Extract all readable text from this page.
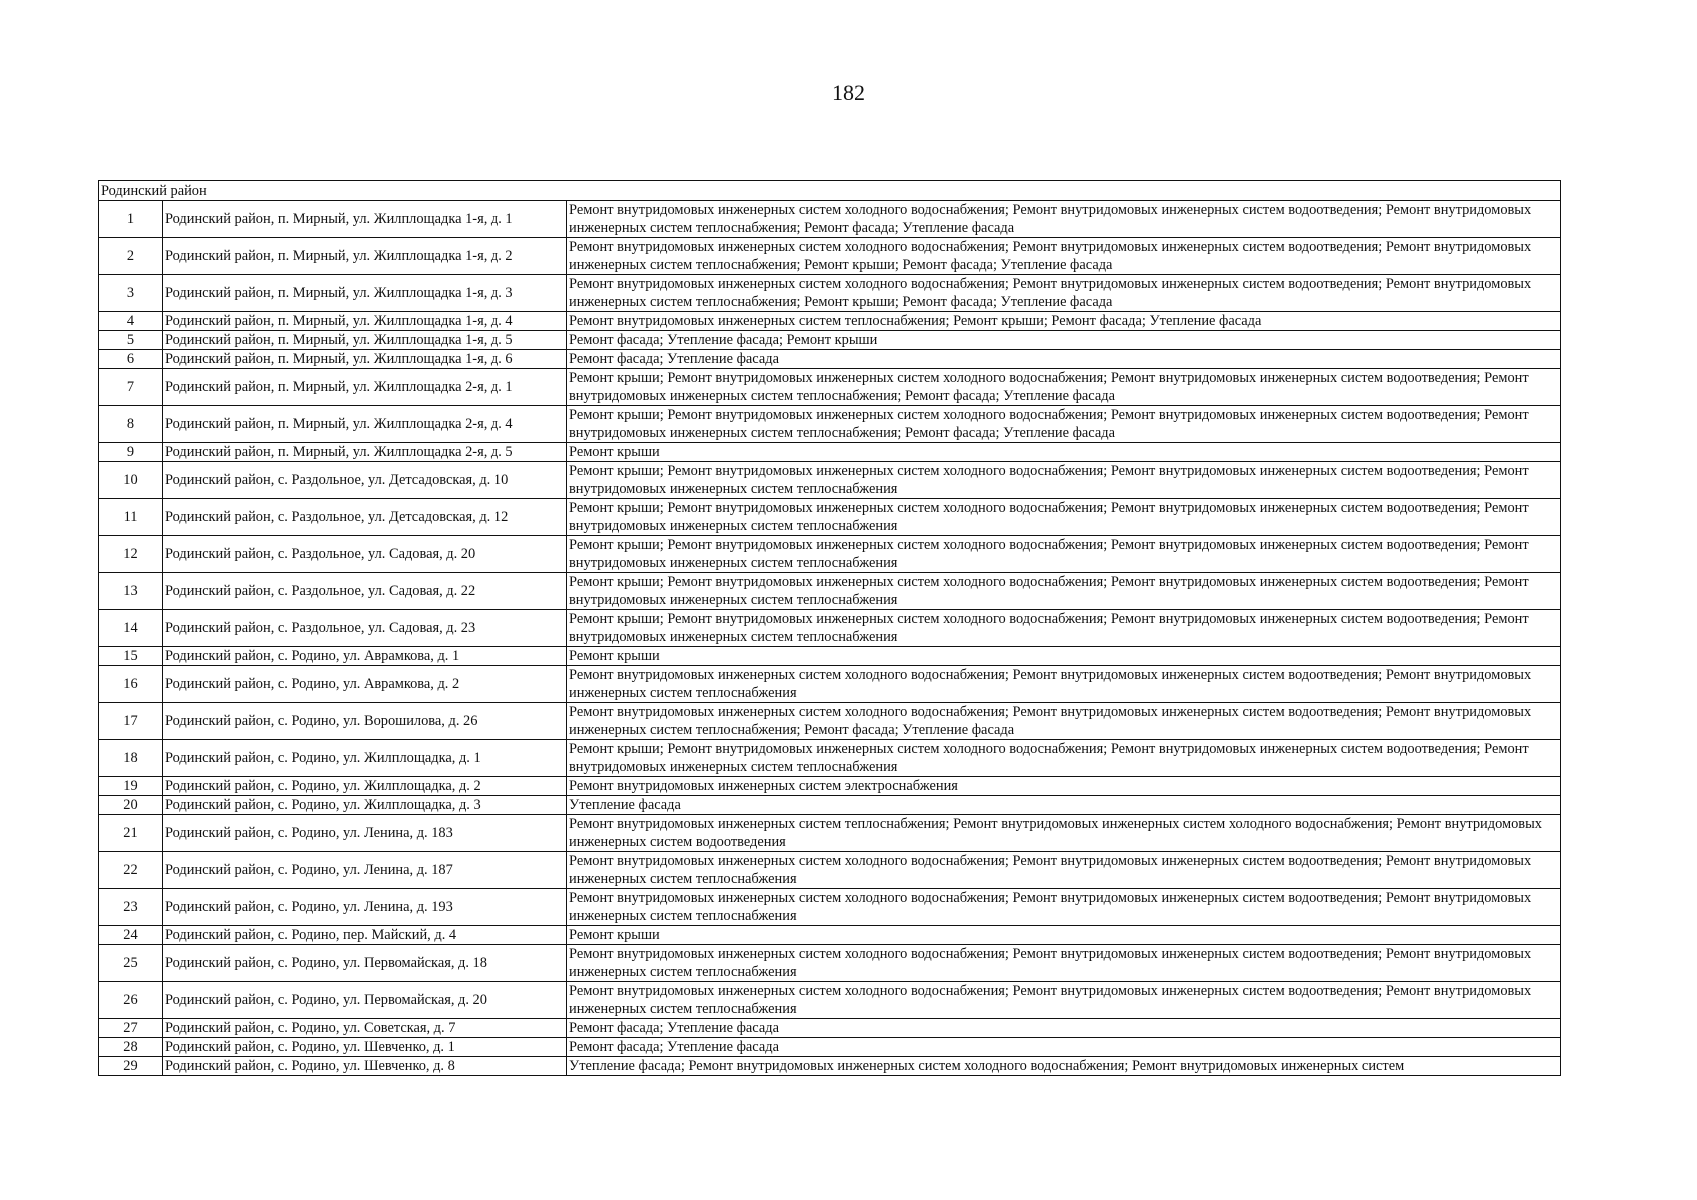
182
Родинский район		
1	Родинский район, п. Мирный, ул. Жилплощадка 1-я, д. 1	Ремонт внутридомовых инженерных систем холодного водоснабжения; Ремонт внутридомовых инженерных систем водоотведения; Ремонт внутридомовых инженерных систем теплоснабжения; Ремонт фасада; Утепление фасада
2	Родинский район, п. Мирный, ул. Жилплощадка 1-я, д. 2	Ремонт внутридомовых инженерных систем холодного водоснабжения; Ремонт внутридомовых инженерных систем водоотведения; Ремонт внутридомовых инженерных систем теплоснабжения; Ремонт крыши; Ремонт фасада; Утепление фасада
3	Родинский район, п. Мирный, ул. Жилплощадка 1-я, д. 3	Ремонт внутридомовых инженерных систем холодного водоснабжения; Ремонт внутридомовых инженерных систем водоотведения; Ремонт внутридомовых инженерных систем теплоснабжения; Ремонт крыши; Ремонт фасада; Утепление фасада
4	Родинский район, п. Мирный, ул. Жилплощадка 1-я, д. 4	Ремонт внутридомовых инженерных систем теплоснабжения; Ремонт крыши; Ремонт фасада; Утепление фасада
5	Родинский район, п. Мирный, ул. Жилплощадка 1-я, д. 5	Ремонт фасада; Утепление фасада; Ремонт крыши
6	Родинский район, п. Мирный, ул. Жилплощадка 1-я, д. 6	Ремонт фасада; Утепление фасада
7	Родинский район, п. Мирный, ул. Жилплощадка 2-я, д. 1	Ремонт крыши; Ремонт внутридомовых инженерных систем холодного водоснабжения; Ремонт внутридомовых инженерных систем водоотведения; Ремонт внутридомовых инженерных систем теплоснабжения; Ремонт фасада; Утепление фасада
8	Родинский район, п. Мирный, ул. Жилплощадка 2-я, д. 4	Ремонт крыши; Ремонт внутридомовых инженерных систем холодного водоснабжения; Ремонт внутридомовых инженерных систем водоотведения; Ремонт внутридомовых инженерных систем теплоснабжения; Ремонт фасада; Утепление фасада
9	Родинский район, п. Мирный, ул. Жилплощадка 2-я, д. 5	Ремонт крыши
10	Родинский район, с. Раздольное, ул. Детсадовская, д. 10	Ремонт крыши; Ремонт внутридомовых инженерных систем холодного водоснабжения; Ремонт внутридомовых инженерных систем водоотведения; Ремонт внутридомовых инженерных систем теплоснабжения
11	Родинский район, с. Раздольное, ул. Детсадовская, д. 12	Ремонт крыши; Ремонт внутридомовых инженерных систем холодного водоснабжения; Ремонт внутридомовых инженерных систем водоотведения; Ремонт внутридомовых инженерных систем теплоснабжения
12	Родинский район, с. Раздольное, ул. Садовая, д. 20	Ремонт крыши; Ремонт внутридомовых инженерных систем холодного водоснабжения; Ремонт внутридомовых инженерных систем водоотведения; Ремонт внутридомовых инженерных систем теплоснабжения
13	Родинский район, с. Раздольное, ул. Садовая, д. 22	Ремонт крыши; Ремонт внутридомовых инженерных систем холодного водоснабжения; Ремонт внутридомовых инженерных систем водоотведения; Ремонт внутридомовых инженерных систем теплоснабжения
14	Родинский район, с. Раздольное, ул. Садовая, д. 23	Ремонт крыши; Ремонт внутридомовых инженерных систем холодного водоснабжения; Ремонт внутридомовых инженерных систем водоотведения; Ремонт внутридомовых инженерных систем теплоснабжения
15	Родинский район, с. Родино, ул. Аврамкова, д. 1	Ремонт крыши
16	Родинский район, с. Родино, ул. Аврамкова, д. 2	Ремонт внутридомовых инженерных систем холодного водоснабжения; Ремонт внутридомовых инженерных систем водоотведения; Ремонт внутридомовых инженерных систем теплоснабжения
17	Родинский район, с. Родино, ул. Ворошилова, д. 26	Ремонт внутридомовых инженерных систем холодного водоснабжения; Ремонт внутридомовых инженерных систем водоотведения; Ремонт внутридомовых инженерных систем теплоснабжения; Ремонт фасада; Утепление фасада
18	Родинский район, с. Родино, ул. Жилплощадка, д. 1	Ремонт крыши; Ремонт внутридомовых инженерных систем холодного водоснабжения; Ремонт внутридомовых инженерных систем водоотведения; Ремонт внутридомовых инженерных систем теплоснабжения
19	Родинский район, с. Родино, ул. Жилплощадка, д. 2	Ремонт внутридомовых инженерных систем электроснабжения
20	Родинский район, с. Родино, ул. Жилплощадка, д. 3	Утепление фасада
21	Родинский район, с. Родино, ул. Ленина, д. 183	Ремонт внутридомовых инженерных систем теплоснабжения; Ремонт внутридомовых инженерных систем холодного водоснабжения; Ремонт внутридомовых инженерных систем водоотведения
22	Родинский район, с. Родино, ул. Ленина, д. 187	Ремонт внутридомовых инженерных систем холодного водоснабжения; Ремонт внутридомовых инженерных систем водоотведения; Ремонт внутридомовых инженерных систем теплоснабжения
23	Родинский район, с. Родино, ул. Ленина, д. 193	Ремонт внутридомовых инженерных систем холодного водоснабжения; Ремонт внутридомовых инженерных систем водоотведения; Ремонт внутридомовых инженерных систем теплоснабжения
24	Родинский район, с. Родино, пер. Майский, д. 4	Ремонт крыши
25	Родинский район, с. Родино, ул. Первомайская, д. 18	Ремонт внутридомовых инженерных систем холодного водоснабжения; Ремонт внутридомовых инженерных систем водоотведения; Ремонт внутридомовых инженерных систем теплоснабжения
26	Родинский район, с. Родино, ул. Первомайская, д. 20	Ремонт внутридомовых инженерных систем холодного водоснабжения; Ремонт внутридомовых инженерных систем водоотведения; Ремонт внутридомовых инженерных систем теплоснабжения
27	Родинский район, с. Родино, ул. Советская, д. 7	Ремонт фасада; Утепление фасада
28	Родинский район, с. Родино, ул. Шевченко, д. 1	Ремонт фасада; Утепление фасада
29	Родинский район, с. Родино, ул. Шевченко, д. 8	Утепление фасада; Ремонт внутридомовых инженерных систем холодного водоснабжения; Ремонт внутридомовых инженерных систем
